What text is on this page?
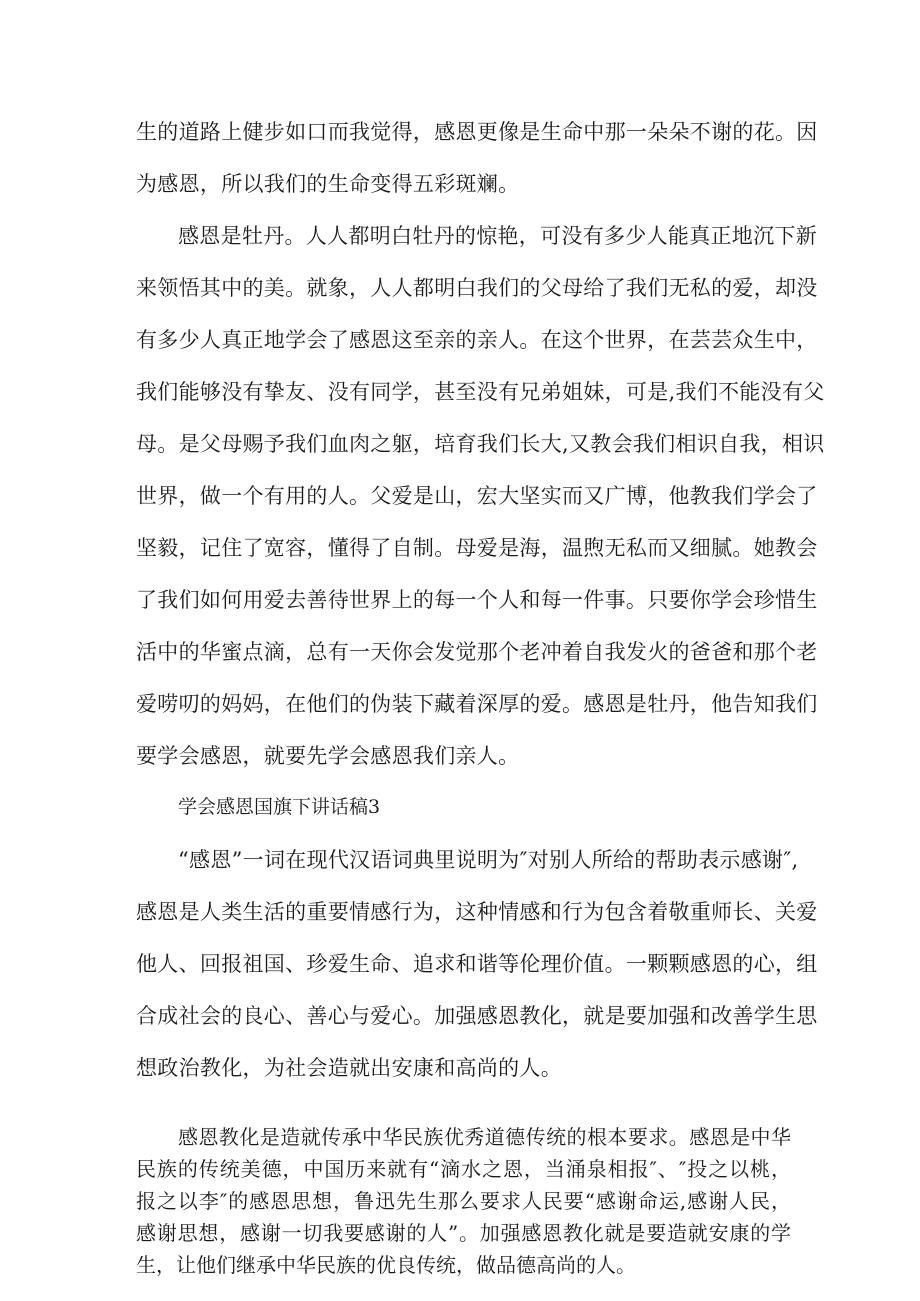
生的道路上健步如口而我觉得，感恩更像是生命中那一朵朵不谢的花。因
为感恩，所以我们的生命变得五彩斑斓。
感恩是牡丹。人人都明白牡丹的惊艳，可没有多少人能真正地沉下新
来领悟其中的美。就象，人人都明白我们的父母给了我们无私的爱，却没
有多少人真正地学会了感恩这至亲的亲人。在这个世界，在芸芸众生中，
我们能够没有挚友、没有同学，甚至没有兄弟姐妹，可是,我们不能没有父
母。是父母赐予我们血肉之躯，培育我们长大,又教会我们相识自我，相识
世界，做一个有用的人。父爱是山，宏大坚实而又广博，他教我们学会了
坚毅，记住了宽容，懂得了自制。母爱是海，温煦无私而又细腻。她教会
了我们如何用爱去善待世界上的每一个人和每一件事。只要你学会珍惜生
活中的华蜜点滴，总有一天你会发觉那个老冲着自我发火的爸爸和那个老
爱唠叨的妈妈，在他们的伪装下藏着深厚的爱。感恩是牡丹，他告知我们
要学会感恩，就要先学会感恩我们亲人。
学会感恩国旗下讲话稿3
“感恩”一词在现代汉语词典里说明为″对别人所给的帮助表示感谢″,
感恩是人类生活的重要情感行为，这种情感和行为包含着敬重师长、关爱
他人、回报祖国、珍爱生命、追求和谐等伦理价值。一颗颗感恩的心，组
合成社会的良心、善心与爱心。加强感恩教化，就是要加强和改善学生思
想政治教化，为社会造就出安康和高尚的人。
感恩教化是造就传承中华民族优秀道德传统的根本要求。感恩是中华
民族的传统美德，中国历来就有“滴水之恩，当涌泉相报″、″投之以桃，
报之以李″的感恩思想，鲁迅先生那么要求人民要“感谢命运,感谢人民，
感谢思想，感谢一切我要感谢的人”。加强感恩教化就是要造就安康的学
生，让他们继承中华民族的优良传统，做品德高尚的人。
